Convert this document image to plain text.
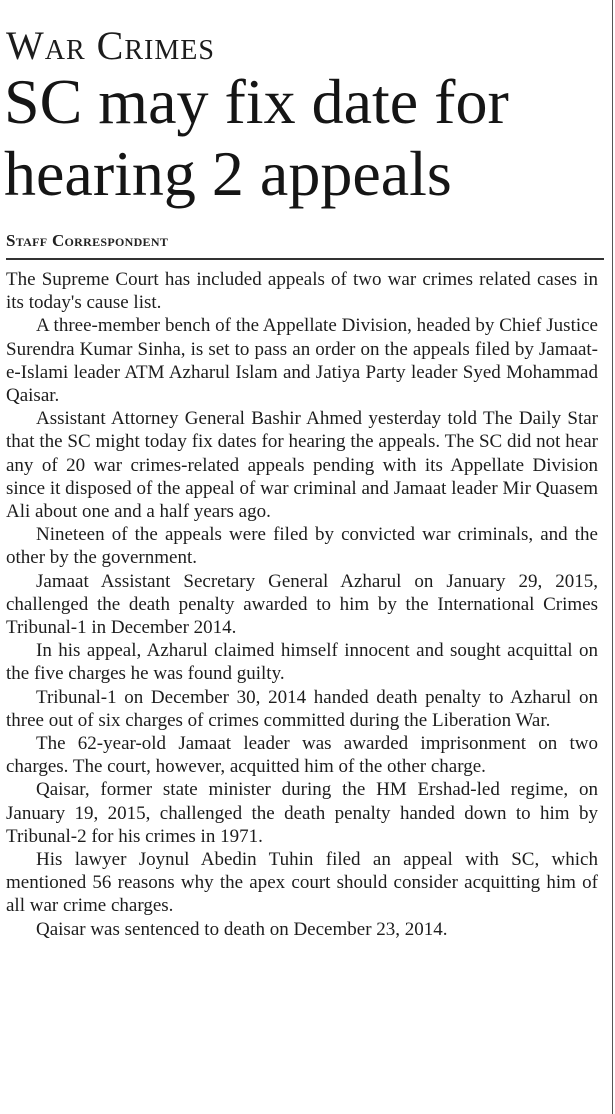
War Crimes
SC may fix date for
hearing 2 appeals
Staff Correspondent

The Supreme Court has included appeals of two war crimes related cases in its today's cause list.

A three-member bench of the Appellate Division, headed by Chief Justice Surendra Kumar Sinha, is set to pass an order on the appeals filed by Jamaat-e-Islami leader ATM Azharul Islam and Jatiya Party leader Syed Mohammad Qaisar.

Assistant Attorney General Bashir Ahmed yesterday told The Daily Star that the SC might today fix dates for hearing the appeals. The SC did not hear any of 20 war crimes-related appeals pending with its Appellate Division since it disposed of the appeal of war criminal and Jamaat leader Mir Quasem Ali about one and a half years ago.

Nineteen of the appeals were filed by convicted war criminals, and the other by the government.

Jamaat Assistant Secretary General Azharul on January 29, 2015, challenged the death penalty awarded to him by the International Crimes Tribunal-1 in December 2014.

In his appeal, Azharul claimed himself innocent and sought acquittal on the five charges he was found guilty.

Tribunal-1 on December 30, 2014 handed death penalty to Azharul on three out of six charges of crimes committed during the Liberation War.

The 62-year-old Jamaat leader was awarded imprisonment on two charges. The court, however, acquitted him of the other charge.

Qaisar, former state minister during the HM Ershad-led regime, on January 19, 2015, challenged the death penalty handed down to him by Tribunal-2 for his crimes in 1971.

His lawyer Joynul Abedin Tuhin filed an appeal with SC, which mentioned 56 reasons why the apex court should consider acquitting him of all war crime charges.

Qaisar was sentenced to death on December 23, 2014.
